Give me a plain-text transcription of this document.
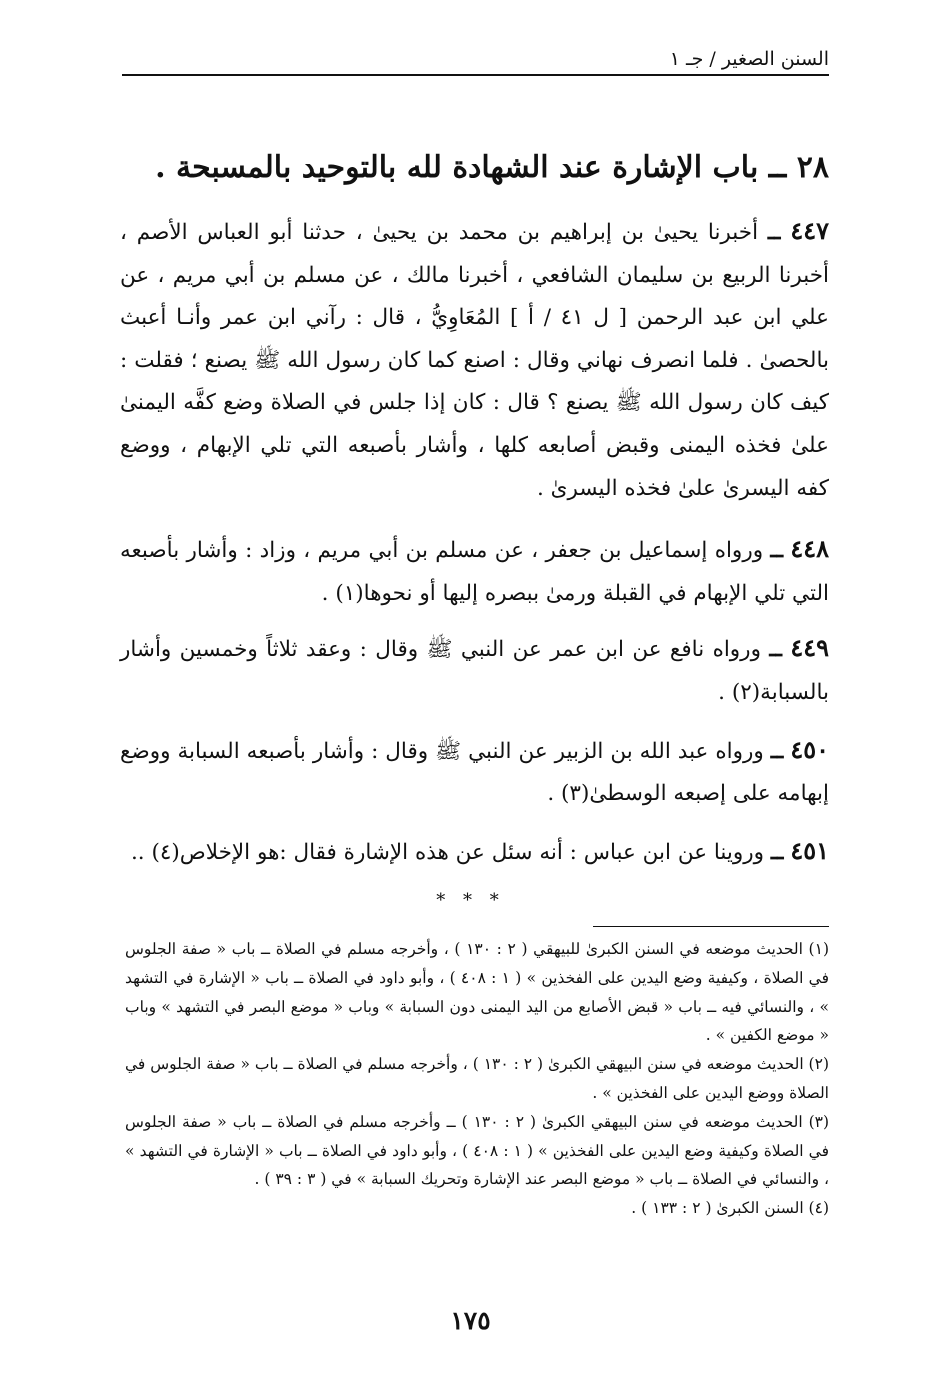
السنن الصغير / جـ ١
٢٨ ــ باب الإشارة عند الشهادة لله بالتوحيد بالمسبحة .

٤٤٧ ــ أخبرنا يحيىٰ بن إبراهيم بن محمد بن يحيىٰ ، حدثنا أبو العباس الأصم ، أخبرنا الربيع بن سليمان الشافعي ، أخبرنا مالك ، عن مسلم بن أبي مريم ، عن علي ابن عبد الرحمن [ ل ٤١ / أ ] المُعَاوِيُّ ، قال : رآني ابن عمر وأنـا أعبث بالحصىٰ . فلما انصرف نهاني وقال : اصنع كما كان رسول الله ﷺ يصنع ؛ فقلت : كيف كان رسول الله ﷺ يصنع ؟ قال : كان إذا جلس في الصلاة وضع كفَّه اليمنىٰ علىٰ فخذه اليمنى وقبض أصابعه كلها ، وأشار بأصبعه التي تلي الإبهام ، ووضع كفه اليسرىٰ علىٰ فخذه اليسرىٰ .

٤٤٨ ــ ورواه إسماعيل بن جعفر ، عن مسلم بن أبي مريم ، وزاد : وأشار بأصبعه التي تلي الإبهام في القبلة ورمىٰ ببصره إليها أو نحوها(١) .

٤٤٩ ــ ورواه نافع عن ابن عمر عن النبي ﷺ وقال : وعقد ثلاثاً وخمسين وأشار بالسبابة(٢) .

٤٥٠ ــ ورواه عبد الله بن الزبير عن النبي ﷺ وقال : وأشار بأصبعه السبابة ووضع إبهامه على إصبعه الوسطىٰ(٣) .

٤٥١ ــ وروينا عن ابن عباس : أنه سئل عن هذه الإشارة فقال :هو الإخلاص(٤) ..

* * *

(١) الحديث موضعه في السنن الكبرىٰ للبيهقي ( ٢ : ١٣٠ ) ، وأخرجه مسلم في الصلاة ــ باب « صفة الجلوس في الصلاة ، وكيفية وضع اليدين على الفخذين » ( ١ : ٤٠٨ ) ، وأبو داود في الصلاة ــ باب « الإشارة في التشهد » ، والنسائي فيه ــ باب « قبض الأصابع من اليد اليمنى دون السبابة » وباب « موضع البصر في التشهد » وباب « موضع الكفين » .

(٢) الحديث موضعه في سنن البيهقي الكبرىٰ ( ٢ : ١٣٠ ) ، وأخرجه مسلم في الصلاة ــ باب « صفة الجلوس في الصلاة ووضع اليدين على الفخذين » .

(٣) الحديث موضعه في سنن البيهقي الكبرىٰ ( ٢ : ١٣٠ ) ــ وأخرجه مسلم في الصلاة ــ باب « صفة الجلوس في الصلاة وكيفية وضع اليدين على الفخذين » ( ١ : ٤٠٨ ) ، وأبو داود في الصلاة ــ باب « الإشارة في التشهد » ، والنسائي في الصلاة ــ باب « موضع البصر عند الإشارة وتحريك السبابة » في ( ٣ : ٣٩ ) .

(٤) السنن الكبرىٰ ( ٢ : ١٣٣ ) .

١٧٥
